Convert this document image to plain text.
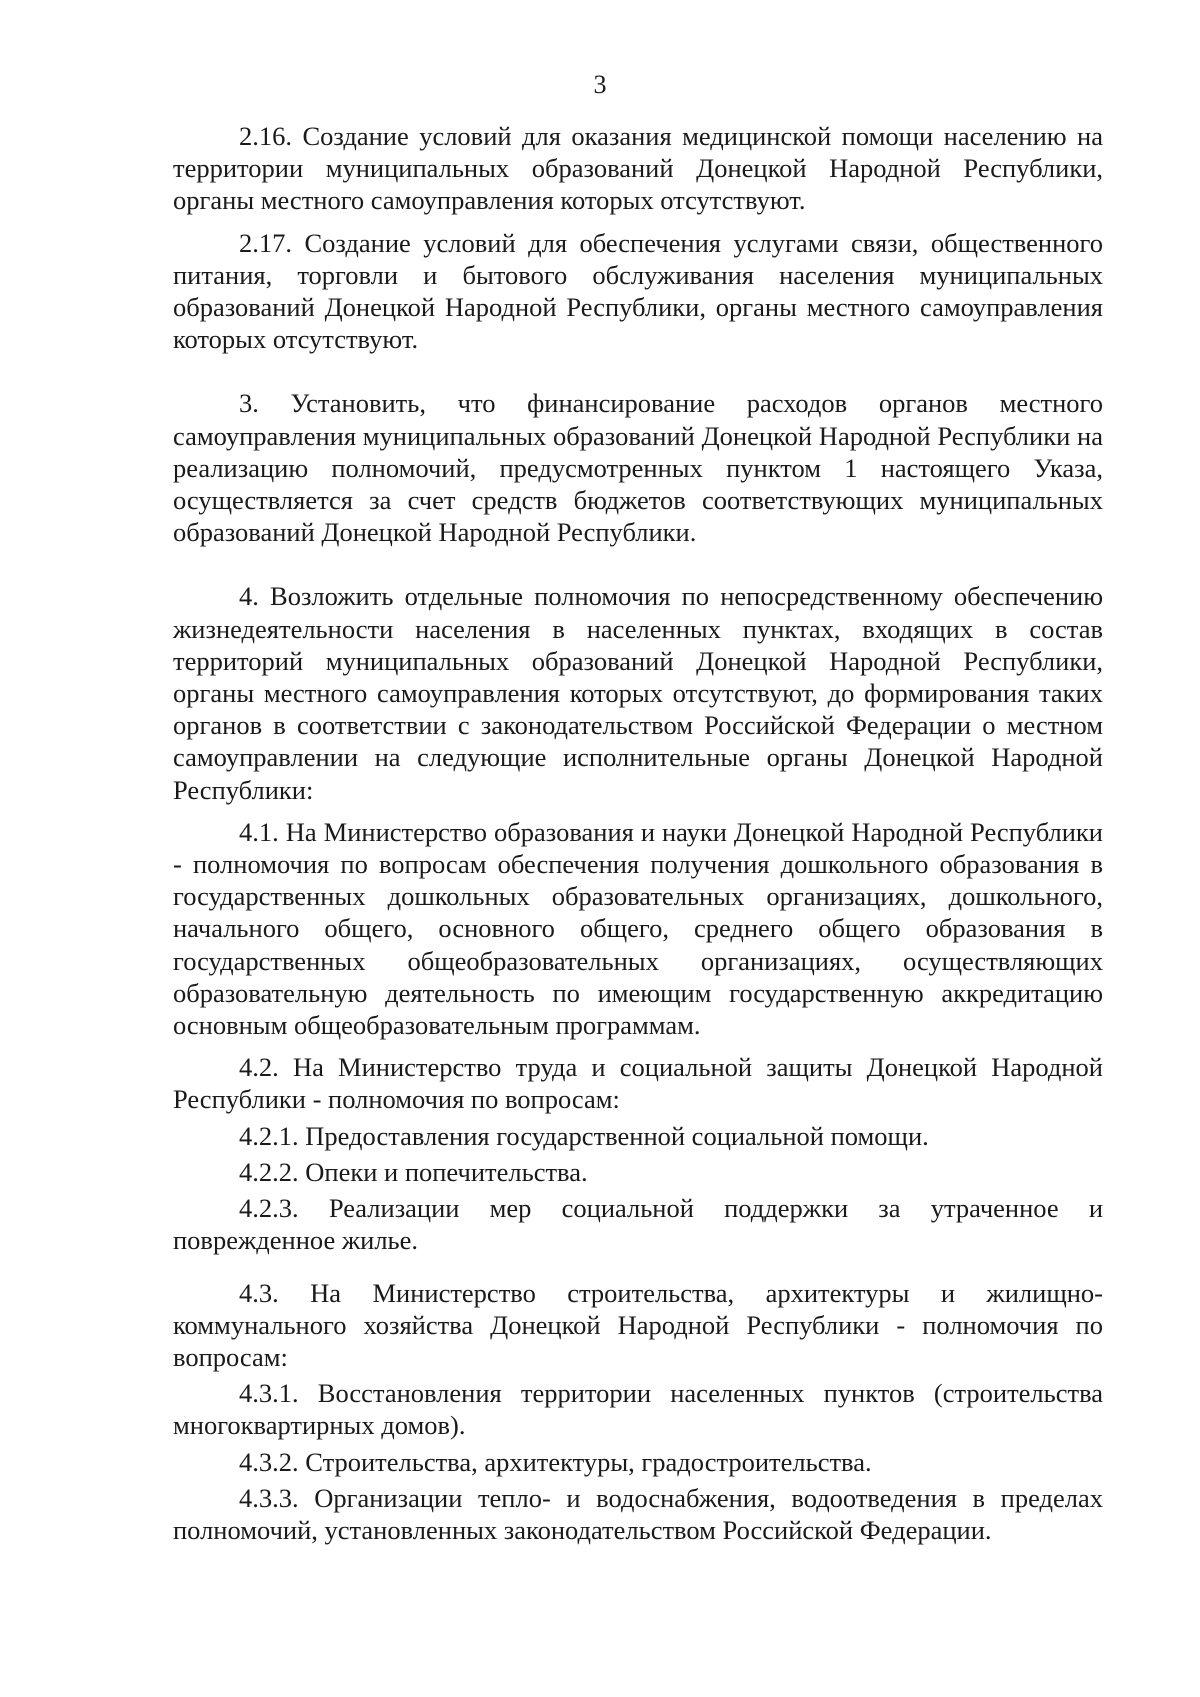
3

2.16. Создание условий для оказания медицинской помощи населению на территории муниципальных образований Донецкой Народной Республики, органы местного самоуправления которых отсутствуют.

2.17. Создание условий для обеспечения услугами связи, общественного питания, торговли и бытового обслуживания населения муниципальных образований Донецкой Народной Республики, органы местного самоуправления которых отсутствуют.

3. Установить, что финансирование расходов органов местного самоуправления муниципальных образований Донецкой Народной Республики на реализацию полномочий, предусмотренных пунктом 1 настоящего Указа, осуществляется за счет средств бюджетов соответствующих муниципальных образований Донецкой Народной Республики.

4. Возложить отдельные полномочия по непосредственному обеспечению жизнедеятельности населения в населенных пунктах, входящих в состав территорий муниципальных образований Донецкой Народной Республики, органы местного самоуправления которых отсутствуют, до формирования таких органов в соответствии с законодательством Российской Федерации о местном самоуправлении на следующие исполнительные органы Донецкой Народной Республики:

4.1. На Министерство образования и науки Донецкой Народной Республики - полномочия по вопросам обеспечения получения дошкольного образования в государственных дошкольных образовательных организациях, дошкольного, начального общего, основного общего, среднего общего образования в государственных общеобразовательных организациях, осуществляющих образовательную деятельность по имеющим государственную аккредитацию основным общеобразовательным программам.

4.2. На Министерство труда и социальной защиты Донецкой Народной Республики - полномочия по вопросам:

4.2.1. Предоставления государственной социальной помощи.

4.2.2. Опеки и попечительства.

4.2.3. Реализации мер социальной поддержки за утраченное и поврежденное жилье.

4.3. На Министерство строительства, архитектуры и жилищно-коммунального хозяйства Донецкой Народной Республики - полномочия по вопросам:

4.3.1. Восстановления территории населенных пунктов (строительства многоквартирных домов).

4.3.2. Строительства, архитектуры, градостроительства.

4.3.3. Организации тепло- и водоснабжения, водоотведения в пределах полномочий, установленных законодательством Российской Федерации.
